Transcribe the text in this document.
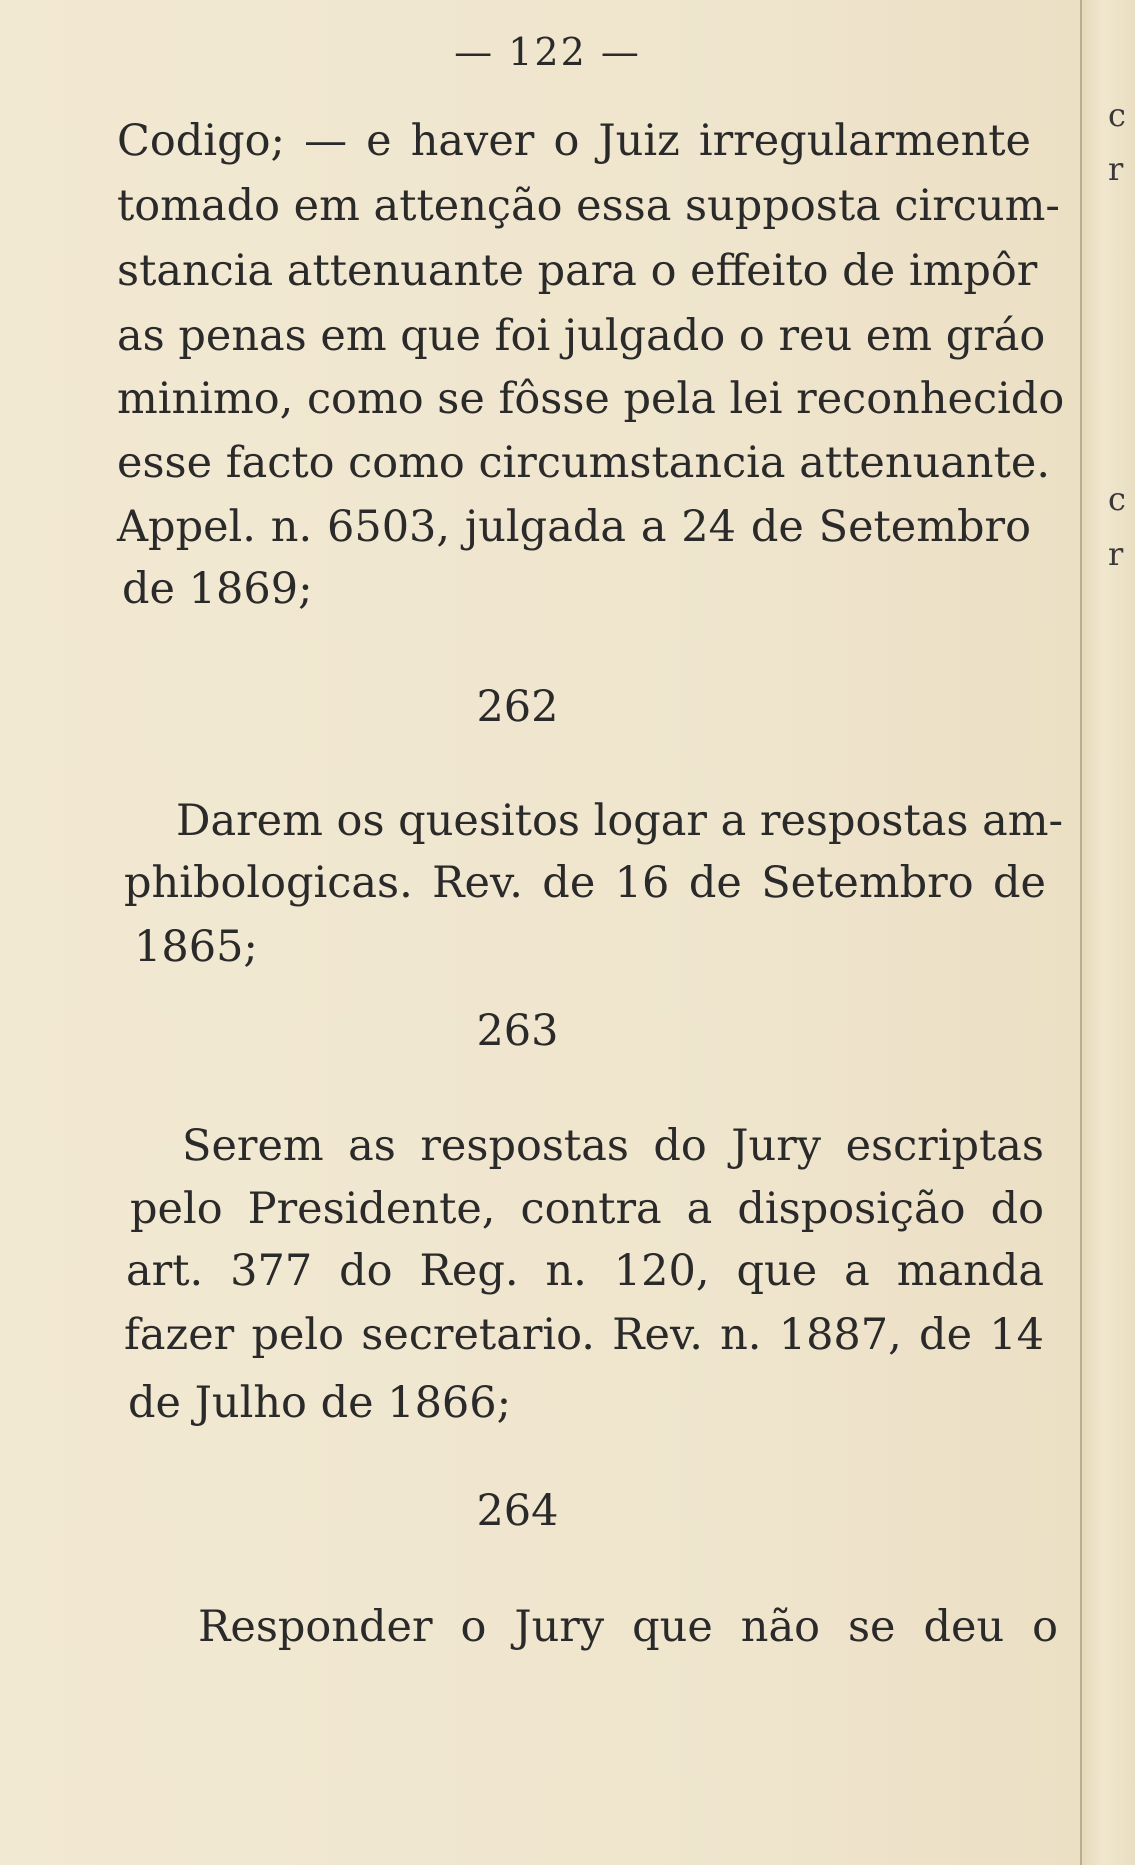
c
r
c
r
— 122 —
Codigo; — e haver o Juiz irregularmente
tomado em attenção essa supposta circum-
stancia attenuante para o effeito de impôr
as penas em que foi julgado o reu em gráo
minimo, como se fôsse pela lei reconhecido
esse facto como circumstancia attenuante.
Appel. n. 6503, julgada a 24 de Setembro
de 1869;
262
Darem os quesitos logar a respostas am-
phibologicas. Rev. de 16 de Setembro de
1865;
263
Serem as respostas do Jury escriptas
pelo Presidente, contra a disposição do
art. 377 do Reg. n. 120, que a manda
fazer pelo secretario. Rev. n. 1887, de 14
de Julho de 1866;
264
Responder o Jury que não se deu o
